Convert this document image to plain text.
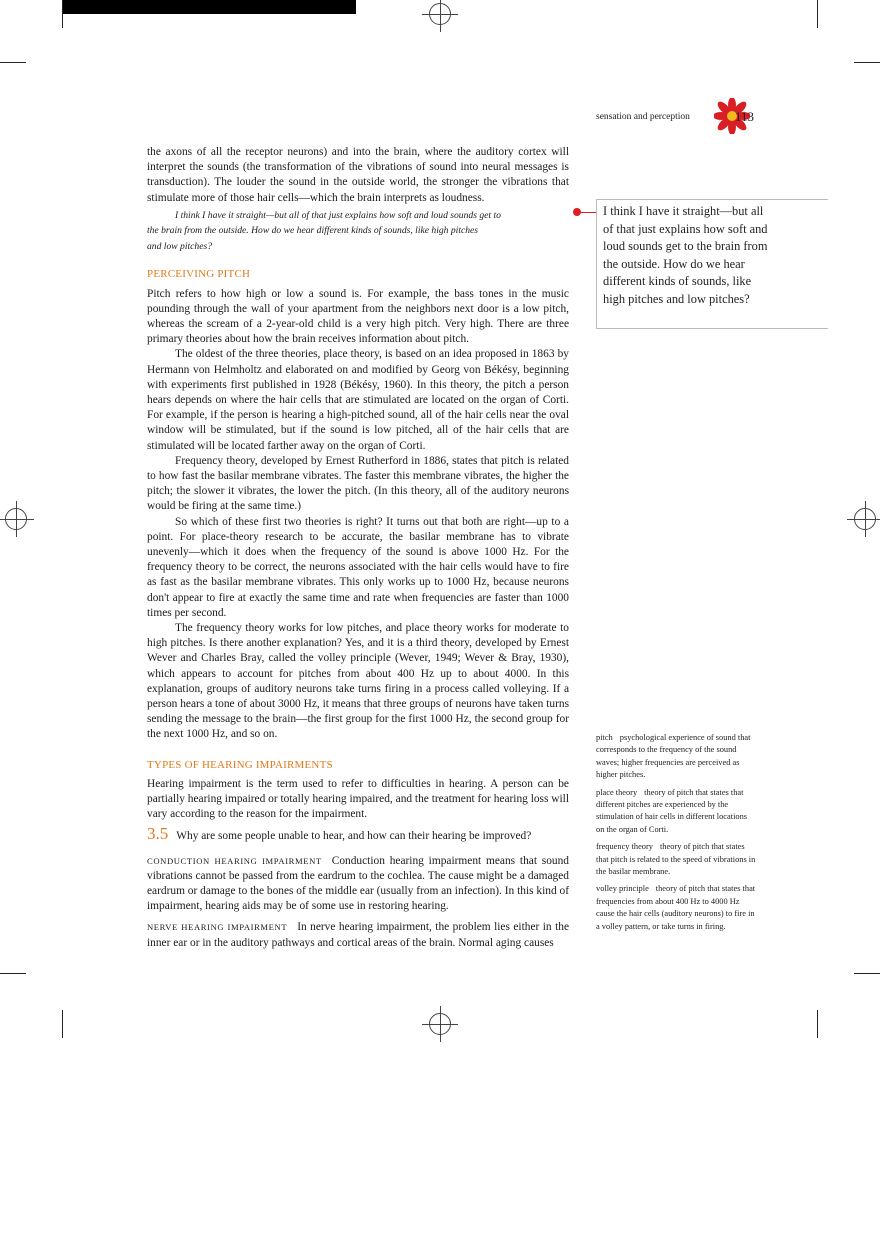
sensation and perception	113

the axons of all the receptor neurons) and into the brain, where the auditory cortex will interpret the sounds (the transformation of the vibrations of sound into neural messages is transduction). The louder the sound in the outside world, the stronger the vibrations that stimulate more of those hair cells—which the brain interprets as loudness.

I think I have it straight—but all of that just explains how soft and loud sounds get to
the brain from the outside. How do we hear different kinds of sounds, like high pitches
and low pitches?
PERCEIVING PITCH

Pitch refers to how high or low a sound is. For example, the bass tones in the music pounding through the wall of your apartment from the neighbors next door is a low pitch, whereas the scream of a 2-year-old child is a very high pitch. Very high. There are three primary theories about how the brain receives information about pitch.

The oldest of the three theories, place theory, is based on an idea proposed in 1863 by Hermann von Helmholtz and elaborated on and modified by Georg von Békésy, beginning with experiments first published in 1928 (Békésy, 1960). In this theory, the pitch a person hears depends on where the hair cells that are stimulated are located on the organ of Corti. For example, if the person is hearing a high-pitched sound, all of the hair cells near the oval window will be stimulated, but if the sound is low pitched, all of the hair cells that are stimulated will be located farther away on the organ of Corti.

Frequency theory, developed by Ernest Rutherford in 1886, states that pitch is related to how fast the basilar membrane vibrates. The faster this membrane vibrates, the higher the pitch; the slower it vibrates, the lower the pitch. (In this theory, all of the auditory neurons would be firing at the same time.)

So which of these first two theories is right? It turns out that both are right—up to a point. For place-theory research to be accurate, the basilar membrane has to vibrate unevenly—which it does when the frequency of the sound is above 1000 Hz. For the frequency theory to be correct, the neurons associated with the hair cells would have to fire as fast as the basilar membrane vibrates. This only works up to 1000 Hz, because neurons don't appear to fire at exactly the same time and rate when frequencies are faster than 1000 times per second.

The frequency theory works for low pitches, and place theory works for moderate to high pitches. Is there another explanation? Yes, and it is a third theory, developed by Ernest Wever and Charles Bray, called the volley principle (Wever, 1949; Wever & Bray, 1930), which appears to account for pitches from about 400 Hz up to about 4000. In this explanation, groups of auditory neurons take turns firing in a process called volleying. If a person hears a tone of about 3000 Hz, it means that three groups of neurons have taken turns sending the message to the brain—the first group for the first 1000 Hz, the second group for the next 1000 Hz, and so on.

TYPES OF HEARING IMPAIRMENTS

Hearing impairment is the term used to refer to difficulties in hearing. A person can be partially hearing impaired or totally hearing impaired, and the treatment for hearing loss will vary according to the reason for the impairment.

3.5 Why are some people unable to hear, and how can their hearing be improved?

CONDUCTION HEARING IMPAIRMENT Conduction hearing impairment means that sound vibrations cannot be passed from the eardrum to the cochlea. The cause might be a damaged eardrum or damage to the bones of the middle ear (usually from an infection). In this kind of impairment, hearing aids may be of some use in restoring hearing.

NERVE HEARING IMPAIRMENT In nerve hearing impairment, the problem lies either in the inner ear or in the auditory pathways and cortical areas of the brain. Normal aging causes

I think I have it straight—but all of that just explains how soft and loud sounds get to the brain from the outside. How do we hear different kinds of sounds, like high pitches and low pitches?
pitch psychological experience of sound that corresponds to the frequency of the sound waves; higher frequencies are perceived as higher pitches.
place theory theory of pitch that states that different pitches are experienced by the stimulation of hair cells in different locations on the organ of Corti.
frequency theory theory of pitch that states that pitch is related to the speed of vibrations in the basilar membrane.
volley principle theory of pitch that states that frequencies from about 400 Hz to 4000 Hz cause the hair cells (auditory neurons) to fire in a volley pattern, or take turns in firing.
